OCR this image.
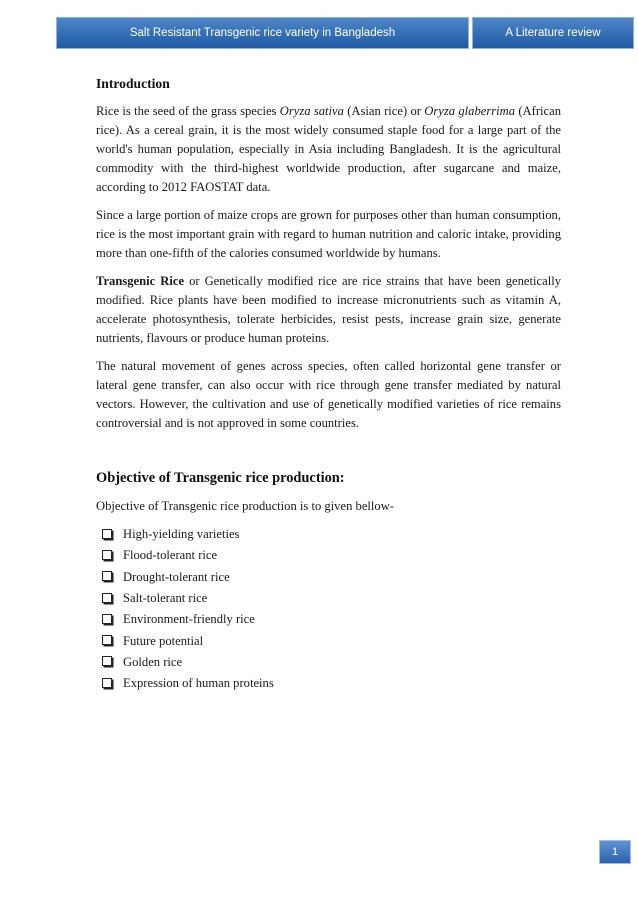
Salt Resistant Transgenic rice variety in Bangladesh	A Literature review
Introduction

Rice is the seed of the grass species Oryza sativa (Asian rice) or Oryza glaberrima (African rice). As a cereal grain, it is the most widely consumed staple food for a large part of the world's human population, especially in Asia including Bangladesh. It is the agricultural commodity with the third-highest worldwide production, after sugarcane and maize, according to 2012 FAOSTAT data.

Since a large portion of maize crops are grown for purposes other than human consumption, rice is the most important grain with regard to human nutrition and caloric intake, providing more than one-fifth of the calories consumed worldwide by humans.

Transgenic Rice or Genetically modified rice are rice strains that have been genetically modified. Rice plants have been modified to increase micronutrients such as vitamin A, accelerate photosynthesis, tolerate herbicides, resist pests, increase grain size, generate nutrients, flavours or produce human proteins.

The natural movement of genes across species, often called horizontal gene transfer or lateral gene transfer, can also occur with rice through gene transfer mediated by natural vectors. However, the cultivation and use of genetically modified varieties of rice remains controversial and is not approved in some countries.

Objective of Transgenic rice production:

Objective of Transgenic rice production is to given bellow-

High-yielding varieties
Flood-tolerant rice
Drought-tolerant rice
Salt-tolerant rice
Environment-friendly rice
Future potential
Golden rice
Expression of human proteins
1
